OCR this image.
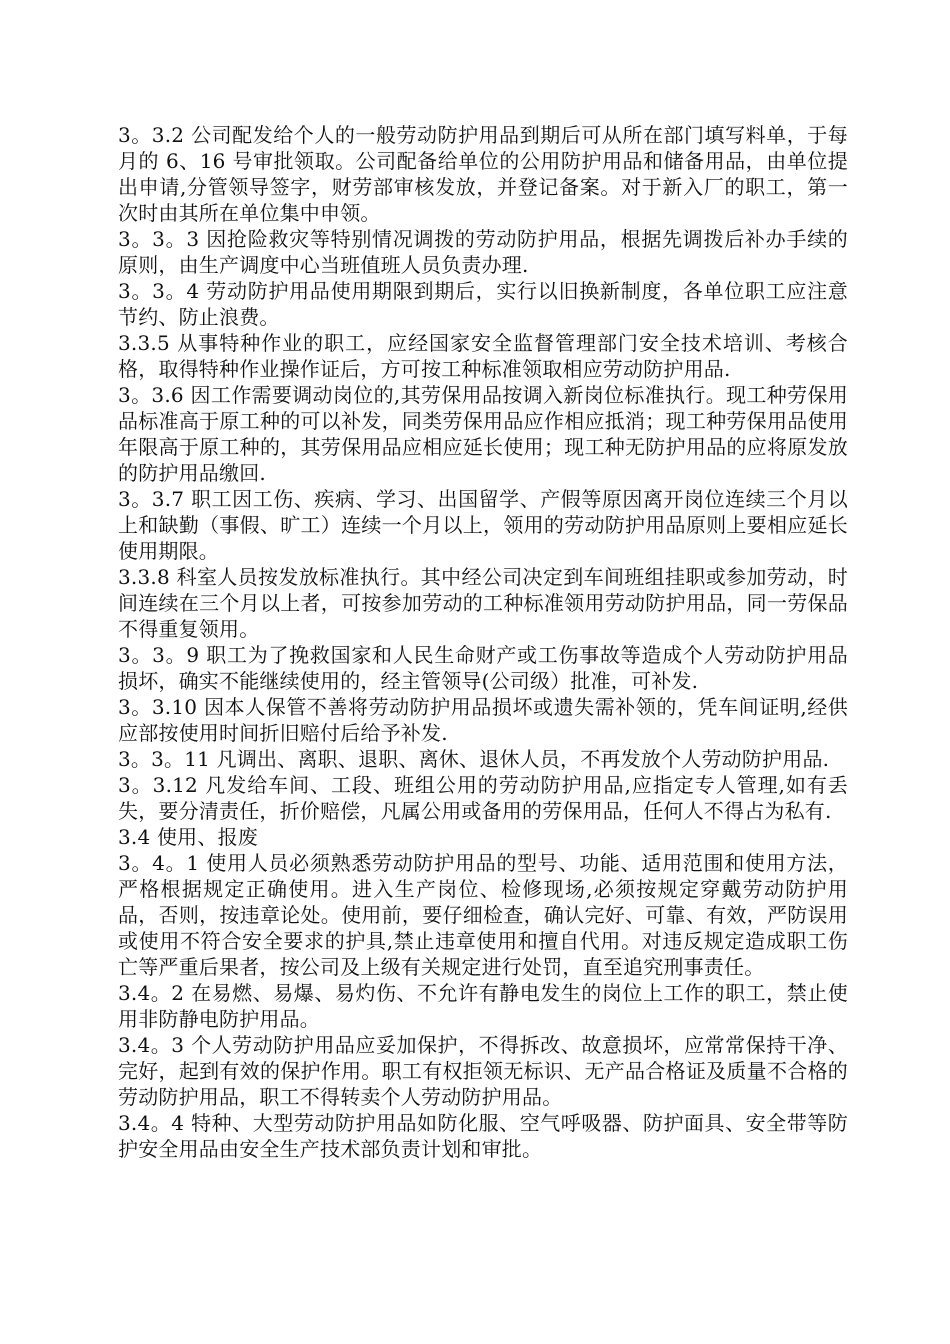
3。3.2 公司配发给个人的一般劳动防护用品到期后可从所在部门填写料单，于每月的 6、16 号审批领取。公司配备给单位的公用防护用品和储备用品，由单位提出申请,分管领导签字，财劳部审核发放，并登记备案。对于新入厂的职工，第一次时由其所在单位集中申领。

3。3。3 因抢险救灾等特别情况调拨的劳动防护用品，根据先调拨后补办手续的原则，由生产调度中心当班值班人员负责办理.

3。3。4 劳动防护用品使用期限到期后，实行以旧换新制度，各单位职工应注意节约、防止浪费。

3.3.5 从事特种作业的职工，应经国家安全监督管理部门安全技术培训、考核合格，取得特种作业操作证后，方可按工种标准领取相应劳动防护用品.

3。3.6 因工作需要调动岗位的,其劳保用品按调入新岗位标准执行。现工种劳保用品标准高于原工种的可以补发，同类劳保用品应作相应抵消；现工种劳保用品使用年限高于原工种的，其劳保用品应相应延长使用；现工种无防护用品的应将原发放的防护用品缴回.

3。3.7 职工因工伤、疾病、学习、出国留学、产假等原因离开岗位连续三个月以上和缺勤（事假、旷工）连续一个月以上，领用的劳动防护用品原则上要相应延长使用期限。

3.3.8 科室人员按发放标准执行。其中经公司决定到车间班组挂职或参加劳动，时间连续在三个月以上者，可按参加劳动的工种标准领用劳动防护用品，同一劳保品不得重复领用。

3。3。9 职工为了挽救国家和人民生命财产或工伤事故等造成个人劳动防护用品损坏，确实不能继续使用的，经主管领导(公司级）批准，可补发.

3。3.10 因本人保管不善将劳动防护用品损坏或遗失需补领的，凭车间证明,经供应部按使用时间折旧赔付后给予补发.

3。3。11 凡调出、离职、退职、离休、退休人员，不再发放个人劳动防护用品.

3。3.12 凡发给车间、工段、班组公用的劳动防护用品,应指定专人管理,如有丢失，要分清责任，折价赔偿，凡属公用或备用的劳保用品，任何人不得占为私有.

3.4 使用、报废

3。4。1 使用人员必须熟悉劳动防护用品的型号、功能、适用范围和使用方法，严格根据规定正确使用。进入生产岗位、检修现场,必须按规定穿戴劳动防护用品，否则，按违章论处。使用前，要仔细检查，确认完好、可靠、有效，严防误用或使用不符合安全要求的护具,禁止违章使用和擅自代用。对违反规定造成职工伤亡等严重后果者，按公司及上级有关规定进行处罚，直至追究刑事责任。

3.4。2 在易燃、易爆、易灼伤、不允许有静电发生的岗位上工作的职工，禁止使用非防静电防护用品。

3.4。3 个人劳动防护用品应妥加保护，不得拆改、故意损坏，应常常保持干净、完好，起到有效的保护作用。职工有权拒领无标识、无产品合格证及质量不合格的劳动防护用品，职工不得转卖个人劳动防护用品。

3.4。4 特种、大型劳动防护用品如防化服、空气呼吸器、防护面具、安全带等防护安全用品由安全生产技术部负责计划和审批。
